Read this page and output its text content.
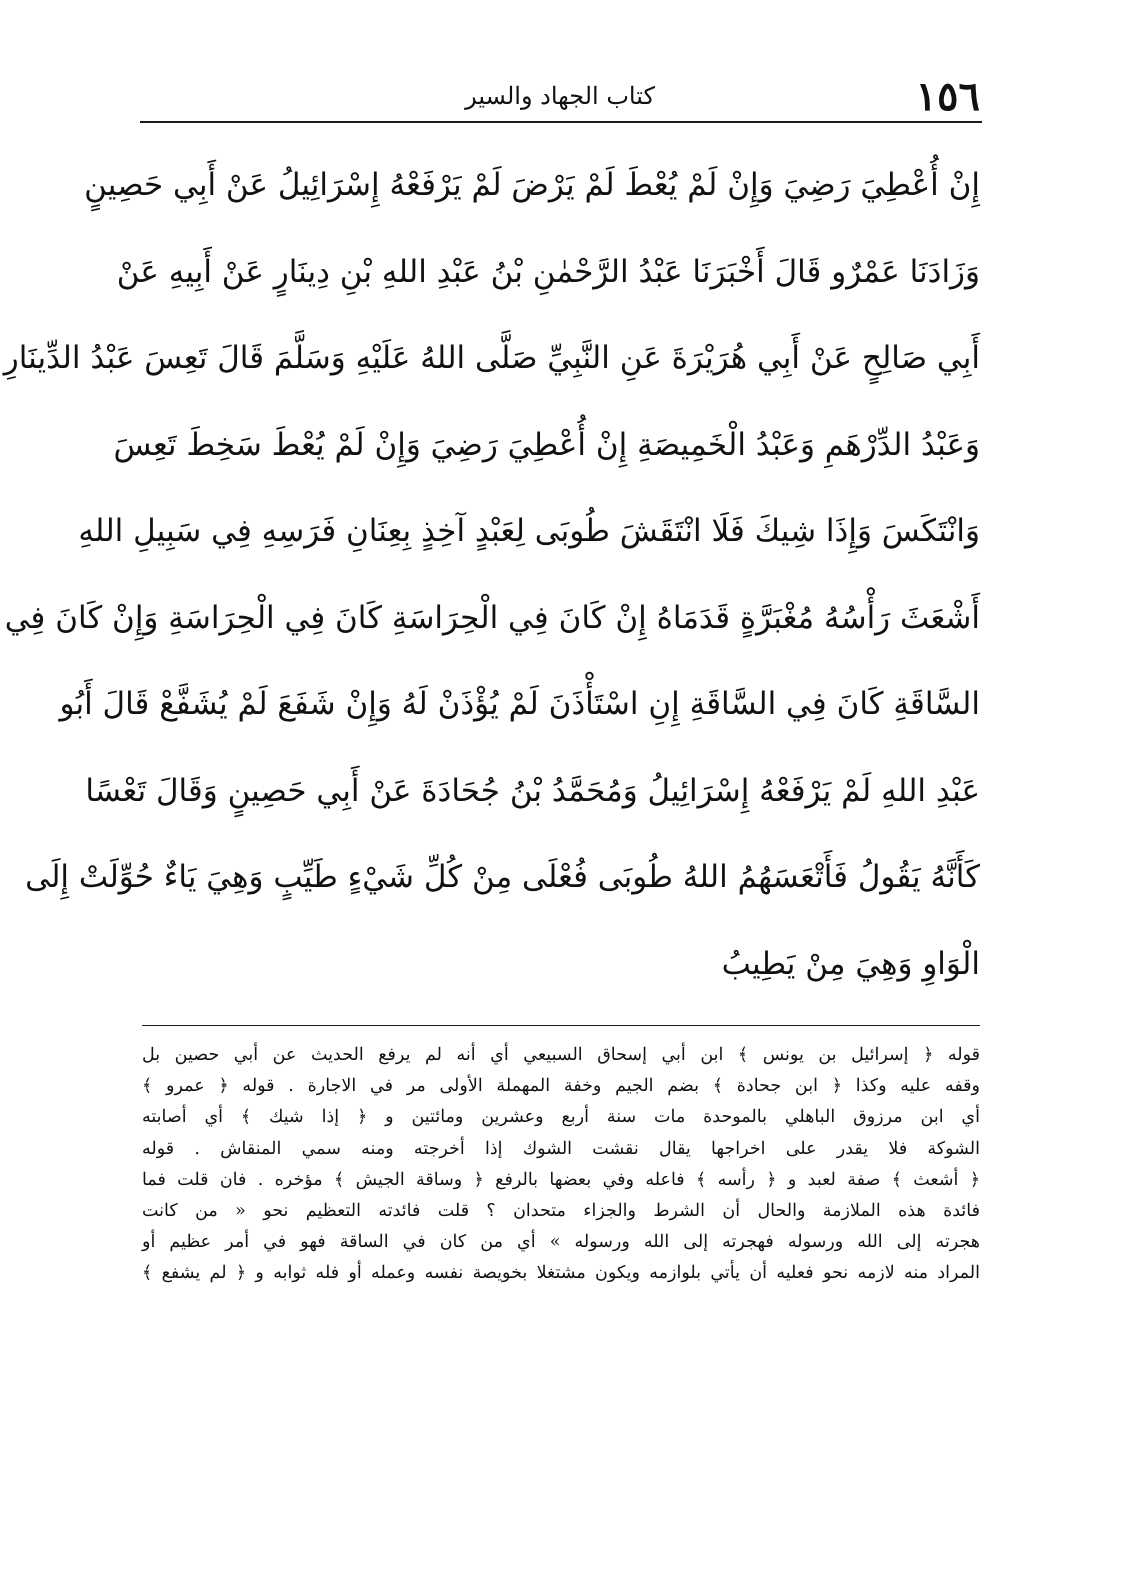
١٥٦
كتاب الجهاد والسير
إِنْ أُعْطِيَ رَضِيَ وَإِنْ لَمْ يُعْطَ لَمْ يَرْضَ لَمْ يَرْفَعْهُ إِسْرَائِيلُ عَنْ أَبِي حَصِينٍ
وَزَادَنَا عَمْرٌو قَالَ أَخْبَرَنَا عَبْدُ الرَّحْمٰنِ بْنُ عَبْدِ اللهِ بْنِ دِينَارٍ عَنْ أَبِيهِ عَنْ
أَبِي صَالِحٍ عَنْ أَبِي هُرَيْرَةَ عَنِ النَّبِيِّ صَلَّى اللهُ عَلَيْهِ وَسَلَّمَ قَالَ تَعِسَ عَبْدُ الدِّينَارِ
وَعَبْدُ الدِّرْهَمِ وَعَبْدُ الْخَمِيصَةِ إِنْ أُعْطِيَ رَضِيَ وَإِنْ لَمْ يُعْطَ سَخِطَ تَعِسَ
وَانْتَكَسَ وَإِذَا شِيكَ فَلَا انْتَقَشَ طُوبَى لِعَبْدٍ آخِذٍ بِعِنَانِ فَرَسِهِ فِي سَبِيلِ اللهِ
أَشْعَثَ رَأْسُهُ مُغْبَرَّةٍ قَدَمَاهُ إِنْ كَانَ فِي الْحِرَاسَةِ كَانَ فِي الْحِرَاسَةِ وَإِنْ كَانَ فِي
السَّاقَةِ كَانَ فِي السَّاقَةِ إِنِ اسْتَأْذَنَ لَمْ يُؤْذَنْ لَهُ وَإِنْ شَفَعَ لَمْ يُشَفَّعْ قَالَ أَبُو
عَبْدِ اللهِ لَمْ يَرْفَعْهُ إِسْرَائِيلُ وَمُحَمَّدُ بْنُ جُحَادَةَ عَنْ أَبِي حَصِينٍ وَقَالَ تَعْسًا
كَأَنَّهُ يَقُولُ فَأَتْعَسَهُمُ اللهُ طُوبَى فُعْلَى مِنْ كُلِّ شَيْءٍ طَيِّبٍ وَهِيَ يَاءٌ حُوِّلَتْ إِلَى
الْوَاوِ وَهِيَ مِنْ يَطِيبُ
قوله ﴿ إسرائيل بن يونس ﴾ ابن أبي إسحاق السبيعي أي أنه لم يرفع الحديث عن أبي حصين بل
وقفه عليه وكذا ﴿ ابن جحادة ﴾ بضم الجيم وخفة المهملة الأولى مر في الاجارة . قوله ﴿ عمرو ﴾
أي ابن مرزوق الباهلي بالموحدة مات سنة أربع وعشرين ومائتين و ﴿ إذا شيك ﴾ أي أصابته
الشوكة فلا يقدر على اخراجها يقال نقشت الشوك إذا أخرجته ومنه سمي المنقاش . قوله
﴿ أشعث ﴾ صفة لعبد و ﴿ رأسه ﴾ فاعله وفي بعضها بالرفع ﴿ وساقة الجيش ﴾ مؤخره . فان قلت فما
فائدة هذه الملازمة والحال أن الشرط والجزاء متحدان ؟ قلت فائدته التعظيم نحو « من كانت
هجرته إلى الله ورسوله فهجرته إلى الله ورسوله » أي من كان في الساقة فهو في أمر عظيم أو
المراد منه لازمه نحو فعليه أن يأتي بلوازمه ويكون مشتغلا بخويصة نفسه وعمله أو فله ثوابه و ﴿ لم يشفع ﴾
